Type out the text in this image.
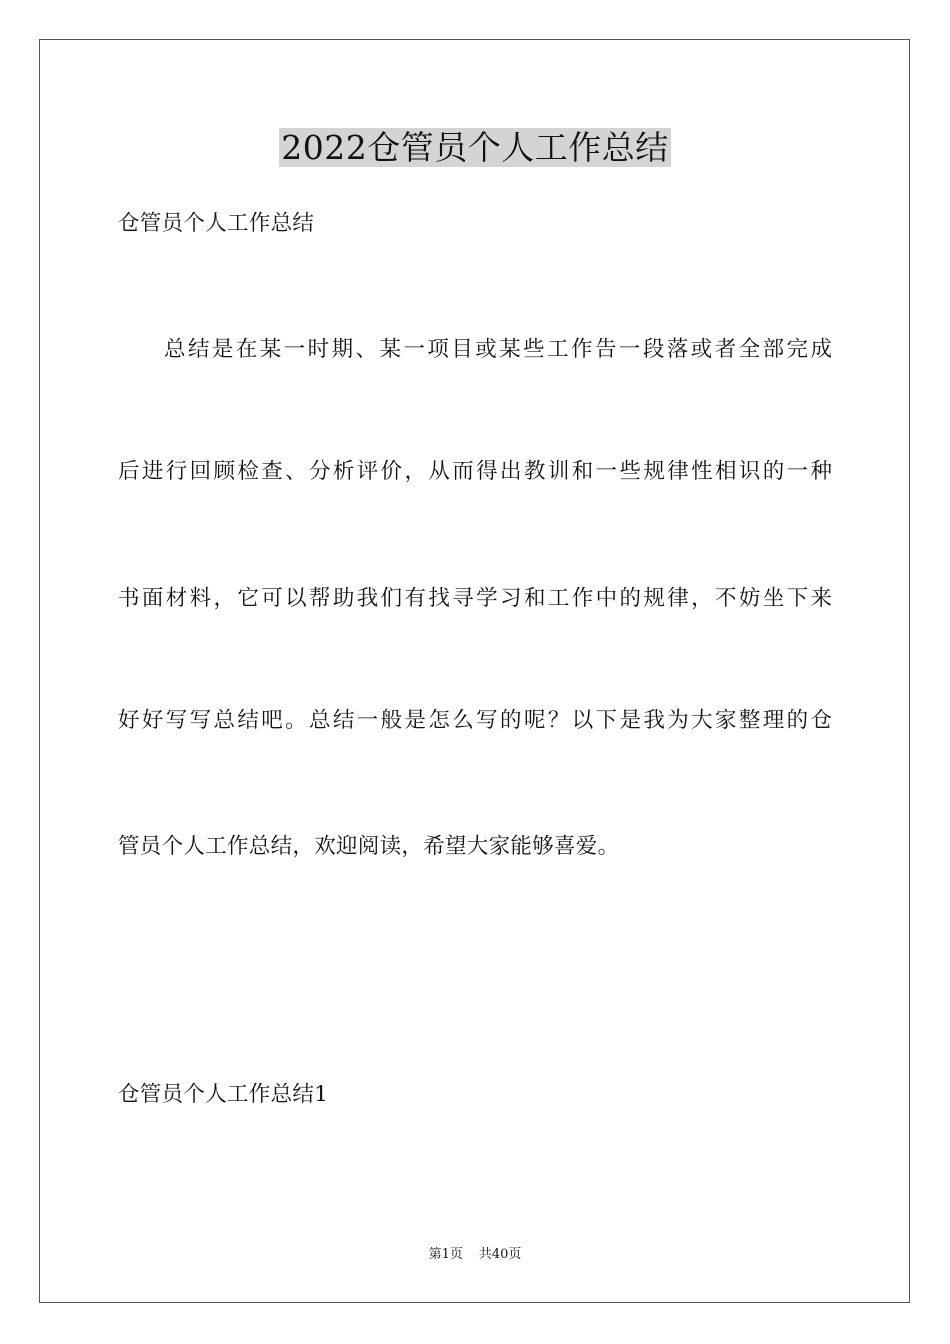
2022仓管员个人工作总结
仓管员个人工作总结
总结是在某一时期、某一项目或某些工作告一段落或者全部完成
后进行回顾检查、分析评价，从而得出教训和一些规律性相识的一种
书面材料，它可以帮助我们有找寻学习和工作中的规律，不妨坐下来
好好写写总结吧。总结一般是怎么写的呢？以下是我为大家整理的仓
管员个人工作总结，欢迎阅读，希望大家能够喜爱。
仓管员个人工作总结1
第1页 共40页
